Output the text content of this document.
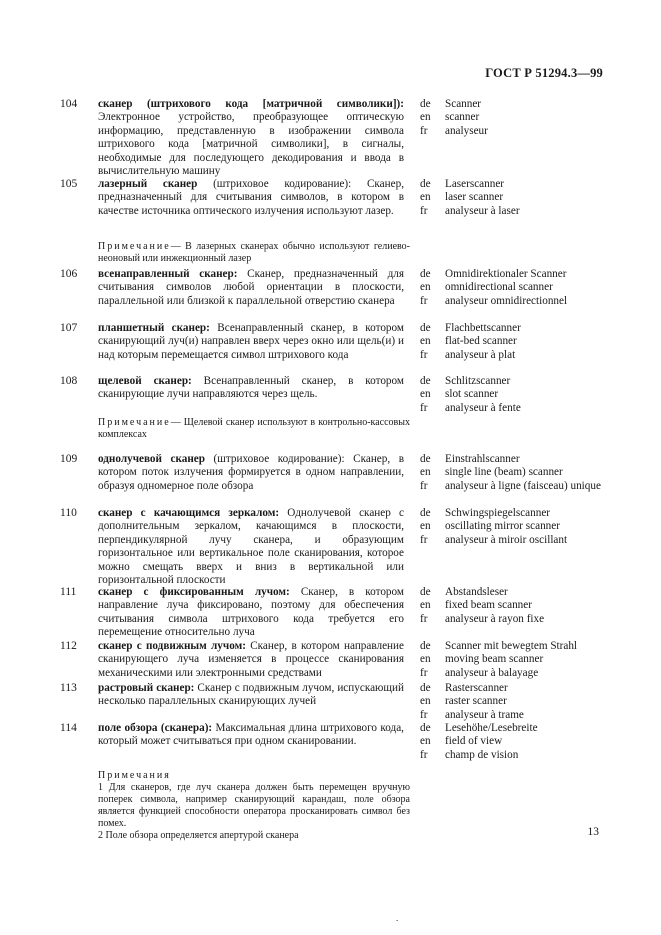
ГОСТ Р 51294.3—99
104	сканер (штрихового кода [матричной символики]): Электронное устройство, преобразующее оптическую информацию, представленную в изображении символа штрихового кода [матричной символики], в сигналы, необходимые для последующего декодирования и ввода в вычислительную машину
de	Scanner
en	scanner
fr	analyseur
105	лазерный сканер (штриховое кодирование): Сканер, предназначенный для считывания символов, в котором в качестве источника оптического излучения используют лазер.
de	Laserscanner
en	laser scanner
fr	analyseur à laser
Примечание— В лазерных сканерах обычно используют гелиево-неоновый или инжекционный лазер
106	всенаправленный сканер: Сканер, предназначенный для считывания символов любой ориентации в плоскости, параллельной или близкой к параллельной отверстию сканера
de	Omnidirektionaler Scanner
en	omnidirectional scanner
fr	analyseur omnidirectionnel
107	планшетный сканер: Всенаправленный сканер, в котором сканирующий луч(и) направлен вверх через окно или щель(и) и над которым перемещается символ штрихового кода
de	Flachbettscanner
en	flat-bed scanner
fr	analyseur à plat
108	щелевой сканер: Всенаправленный сканер, в котором сканирующие лучи направляются через щель.
de	Schlitzscanner
en	slot scanner
fr	analyseur à fente
Примечание— Щелевой сканер используют в контрольно-кассовых комплексах
109	однолучевой сканер (штриховое кодирование): Сканер, в котором поток излучения формируется в одном направлении, образуя одномерное поле обзора
de	Einstrahlscanner
en	single line (beam) scanner
fr	analyseur à ligne (faisceau) unique
110	сканер с качающимся зеркалом: Однолучевой сканер с дополнительным зеркалом, качающимся в плоскости, перпендикулярной лучу сканера, и образующим горизонтальное или вертикальное поле сканирования, которое можно смещать вверх и вниз в вертикальной или горизонтальной плоскости
de	Schwingspiegelscanner
en	oscillating mirror scanner
fr	analyseur à miroir oscillant
111	сканер с фиксированным лучом: Сканер, в котором направление луча фиксировано, поэтому для обеспечения считывания символа штрихового кода требуется его перемещение относительно луча
de	Abstandsleser
en	fixed beam scanner
fr	analyseur à rayon fixe
112	сканер с подвижным лучом: Сканер, в котором направление сканирующего луча изменяется в процессе сканирования механическими или электронными средствами
de	Scanner mit bewegtem Strahl
en	moving beam scanner
fr	analyseur à balayage
113	растровый сканер: Сканер с подвижным лучом, испускающий несколько параллельных сканирующих лучей
de	Rasterscanner
en	raster scanner
fr	analyseur à trame
114	поле обзора (сканера): Максимальная длина штрихового кода, который может считываться при одном сканировании.
de	Lesehöhe/Lesebreite
en	field of view
fr	champ de vision
Примечания
1 Для сканеров, где луч сканера должен быть перемещен вручную поперек символа, например сканирующий карандаш, поле обзора является функцией способности оператора просканировать символ без помех.
2 Поле обзора определяется апертурой сканера	13
.
